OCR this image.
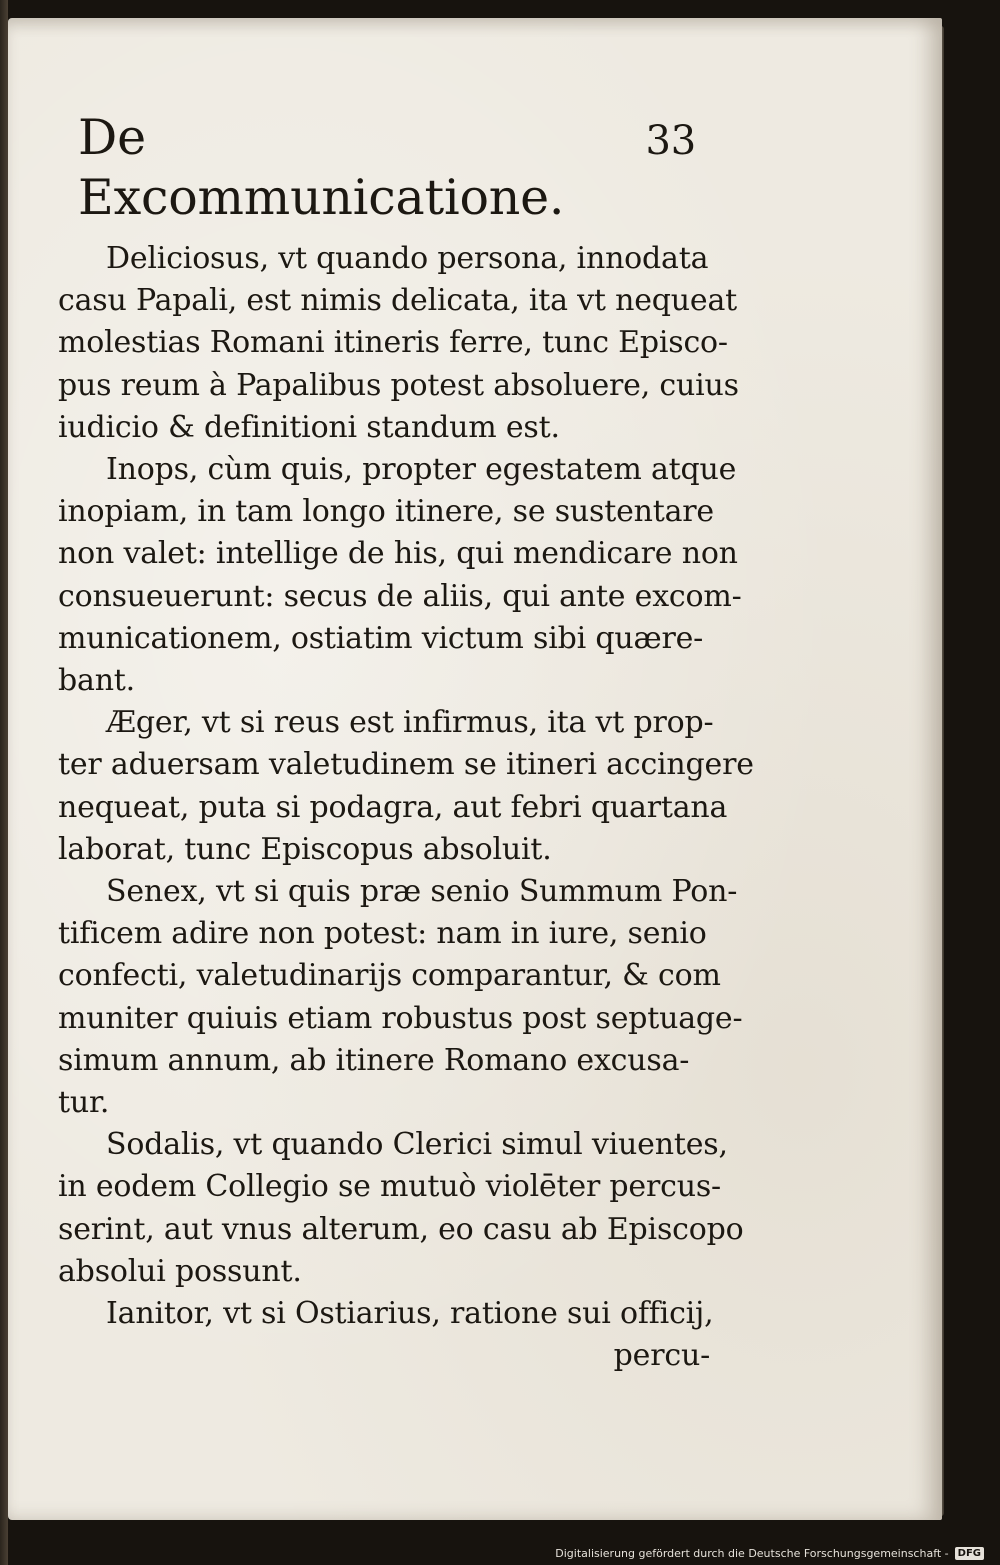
De Excommunicatione.
33

Deliciosus, vt quando persona, innodata
casu Papali, est nimis delicata, ita vt nequeat
molestias Romani itineris ferre, tunc Episco-
pus reum à Papalibus potest absoluere, cuius
iudicio & definitioni standum est.

Inops, cùm quis, propter egestatem atque
inopiam, in tam longo itinere, se sustentare
non valet: intellige de his, qui mendicare non
consueuerunt: secus de aliis, qui ante excom-
municationem, ostiatim victum sibi quære-
bant.

Æger, vt si reus est infirmus, ita vt prop-
ter aduersam valetudinem se itineri accingere
nequeat, puta si podagra, aut febri quartana
laborat, tunc Episcopus absoluit.

Senex, vt si quis præ senio Summum Pon-
tificem adire non potest: nam in iure, senio
confecti, valetudinarijs comparantur, & com
muniter quiuis etiam robustus post septuage-
simum annum, ab itinere Romano excusa-
tur.

Sodalis, vt quando Clerici simul viuentes,
in eodem Collegio se mutuò violēter percus-
serint, aut vnus alterum, eo casu ab Episcopo
absolui possunt.

Ianitor, vt si Ostiarius, ratione sui officij,

percu-
Digitalisierung gefördert durch die Deutsche Forschungsgemeinschaft - DFG
